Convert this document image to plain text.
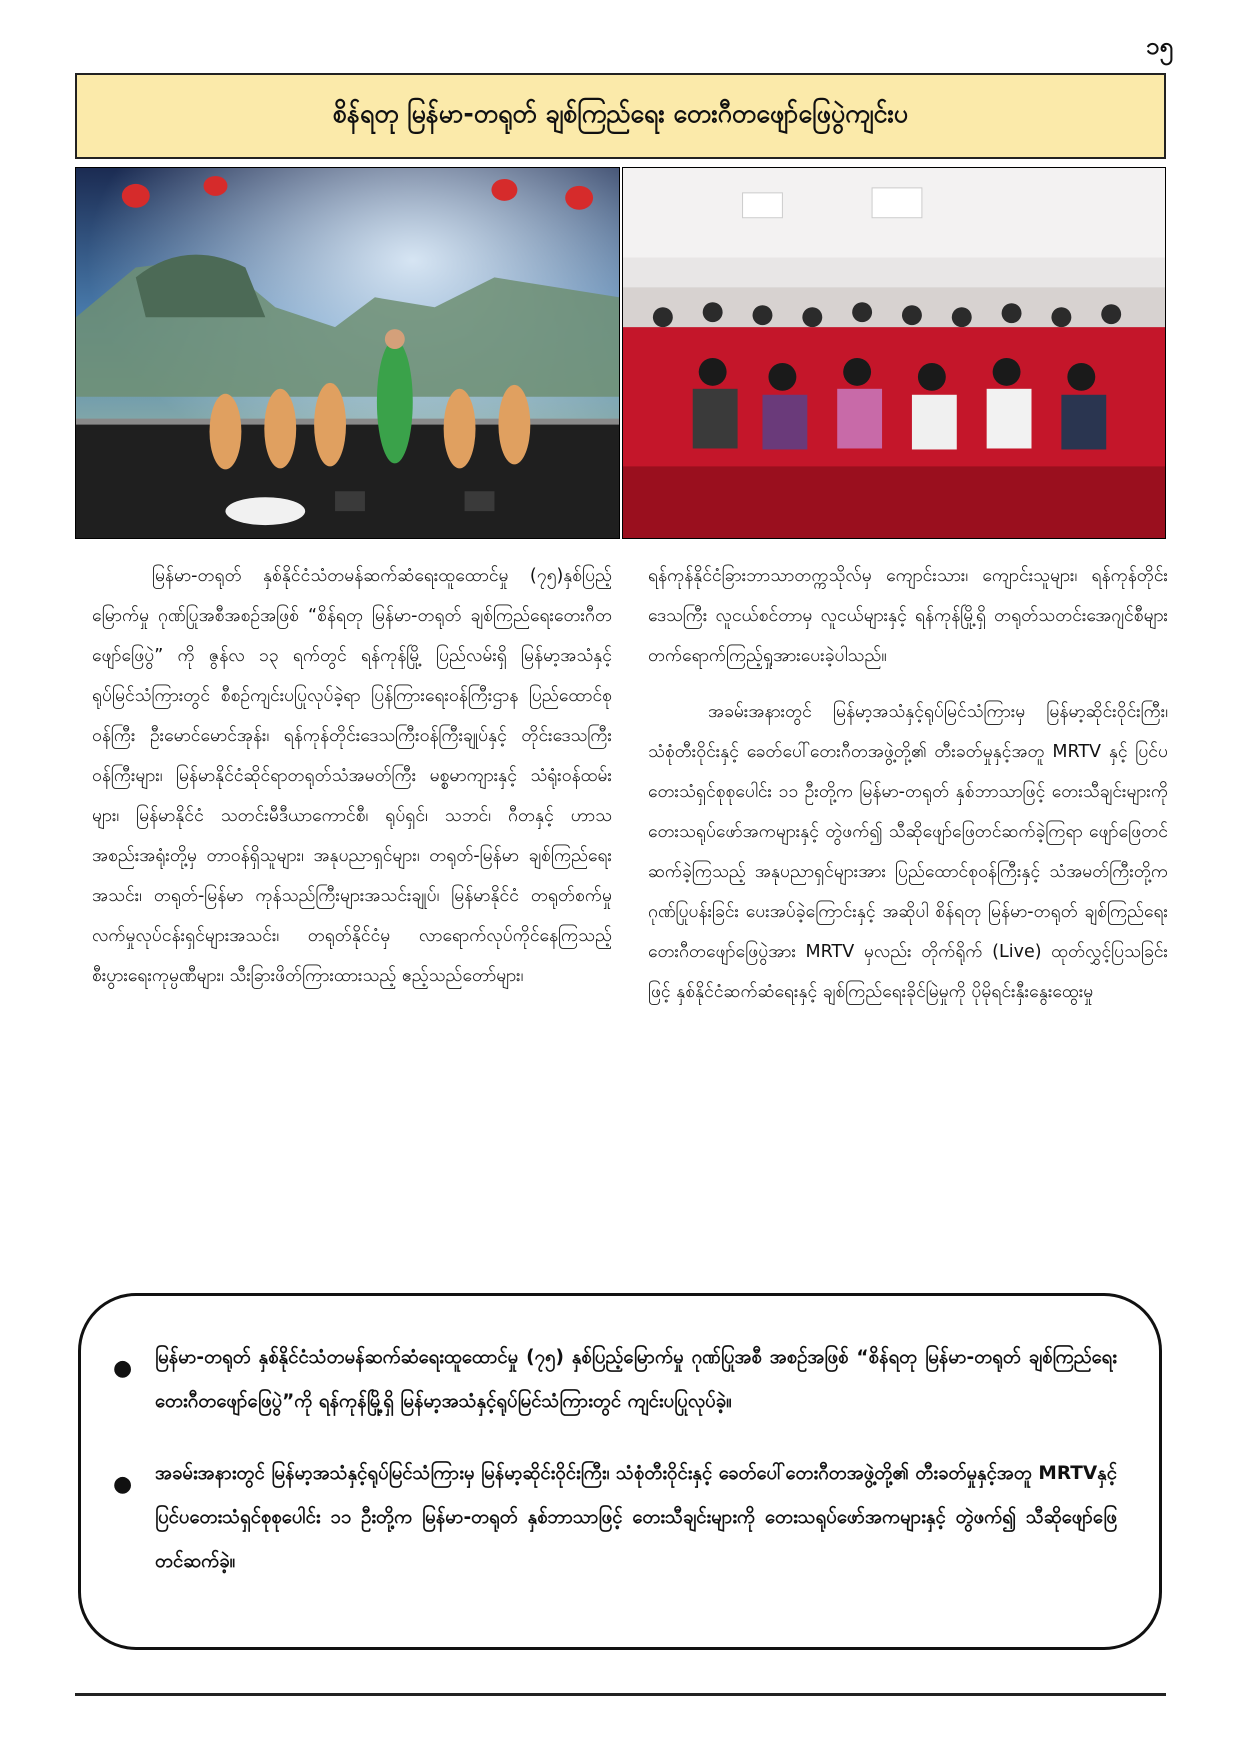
၁၅
စိန်ရတု မြန်မာ-တရုတ် ချစ်ကြည်ရေး တေးဂီတဖျော်ဖြေပွဲကျင်းပ

မြန်မာ-တရုတ် နှစ်နိုင်ငံသံတမန်ဆက်ဆံရေးထူထောင်မှု (၇၅)နှစ်ပြည့်မြောက်မှု ဂုဏ်ပြုအစီအစဉ်အဖြစ် “စိန်ရတု မြန်မာ-တရုတ် ချစ်ကြည်ရေးတေးဂီတဖျော်ဖြေပွဲ” ကို ဇွန်လ ၁၃ ရက်တွင် ရန်ကုန်မြို့ ပြည်လမ်းရှိ မြန်မာ့အသံနှင့်ရုပ်မြင်သံကြားတွင် စီစဉ်ကျင်းပပြုလုပ်ခဲ့ရာ ပြန်ကြားရေးဝန်ကြီးဌာန ပြည်ထောင်စုဝန်ကြီး ဦးမောင်မောင်အုန်း၊ ရန်ကုန်တိုင်းဒေသကြီးဝန်ကြီးချုပ်နှင့် တိုင်းဒေသကြီးဝန်ကြီးများ၊ မြန်မာနိုင်ငံဆိုင်ရာတရုတ်သံအမတ်ကြီး မစ္စမာကျားနှင့် သံရုံးဝန်ထမ်းများ၊ မြန်မာနိုင်ငံ သတင်းမီဒီယာကောင်စီ၊ ရုပ်ရှင်၊ သဘင်၊ ဂီတနှင့် ဟာသအစည်းအရုံးတို့မှ တာဝန်ရှိသူများ၊ အနုပညာရှင်များ၊ တရုတ်-မြန်မာ ချစ်ကြည်ရေးအသင်း၊ တရုတ်-မြန်မာ ကုန်သည်ကြီးများအသင်းချုပ်၊ မြန်မာနိုင်ငံ တရုတ်စက်မှုလက်မှုလုပ်ငန်းရှင်များအသင်း၊ တရုတ်နိုင်ငံမှ လာရောက်လုပ်ကိုင်နေကြသည့် စီးပွားရေးကုမ္ပဏီများ၊ သီးခြားဖိတ်ကြားထားသည့် ဧည့်သည်တော်များ၊

ရန်ကုန်နိုင်ငံခြားဘာသာတက္ကသိုလ်မှ ကျောင်းသား၊ ကျောင်းသူများ၊ ရန်ကုန်တိုင်းဒေသကြီး လူငယ်စင်တာမှ လူငယ်များနှင့် ရန်ကုန်မြို့ရှိ တရုတ်သတင်းအေဂျင်စီများ တက်ရောက်ကြည့်ရှုအားပေးခဲ့ပါသည်။

အခမ်းအနားတွင် မြန်မာ့အသံနှင့်ရုပ်မြင်သံကြားမှ မြန်မာ့ဆိုင်းဝိုင်းကြီး၊ သံစုံတီးဝိုင်းနှင့် ခေတ်ပေါ်တေးဂီတအဖွဲ့တို့၏ တီးခတ်မှုနှင့်အတူ MRTV နှင့် ပြင်ပတေးသံရှင်စုစုပေါင်း ၁၁ ဦးတို့က မြန်မာ-တရုတ် နှစ်ဘာသာဖြင့် တေးသီချင်းများကို တေးသရုပ်ဖော်အကများနှင့် တွဲဖက်၍ သီဆိုဖျော်ဖြေတင်ဆက်ခဲ့ကြရာ ဖျော်ဖြေတင်ဆက်ခဲ့ကြသည့် အနုပညာရှင်များအား ပြည်ထောင်စုဝန်ကြီးနှင့် သံအမတ်ကြီးတို့က ဂုဏ်ပြုပန်းခြင်း ပေးအပ်ခဲ့ကြောင်းနှင့် အဆိုပါ စိန်ရတု မြန်မာ-တရုတ် ချစ်ကြည်ရေးတေးဂီတဖျော်ဖြေပွဲအား MRTV မှလည်း တိုက်ရိုက် (Live) ထုတ်လွှင့်ပြသခြင်းဖြင့် နှစ်နိုင်ငံဆက်ဆံရေးနှင့် ချစ်ကြည်ရေးခိုင်မြဲမှုကို ပိုမိုရင်းနှီးနွေးထွေးမှု

● မြန်မာ-တရုတ် နှစ်နိုင်ငံသံတမန်ဆက်ဆံရေးထူထောင်မှု (၇၅) နှစ်ပြည့်မြောက်မှု ဂုဏ်ပြုအစီ အစဉ်အဖြစ် “စိန်ရတု မြန်မာ-တရုတ် ချစ်ကြည်ရေးတေးဂီတဖျော်ဖြေပွဲ”ကို ရန်ကုန်မြို့ရှိ မြန်မာ့အသံနှင့်ရုပ်မြင်သံကြားတွင် ကျင်းပပြုလုပ်ခဲ့။
● အခမ်းအနားတွင် မြန်မာ့အသံနှင့်ရုပ်မြင်သံကြားမှ မြန်မာ့ဆိုင်းဝိုင်းကြီး၊ သံစုံတီးဝိုင်းနှင့် ခေတ်ပေါ်တေးဂီတအဖွဲ့တို့၏ တီးခတ်မှုနှင့်အတူ MRTVနှင့် ပြင်ပတေးသံရှင်စုစုပေါင်း ၁၁ ဦးတို့က မြန်မာ-တရုတ် နှစ်ဘာသာဖြင့် တေးသီချင်းများကို တေးသရုပ်ဖော်အကများနှင့် တွဲဖက်၍ သီဆိုဖျော်ဖြေတင်ဆက်ခဲ့။
